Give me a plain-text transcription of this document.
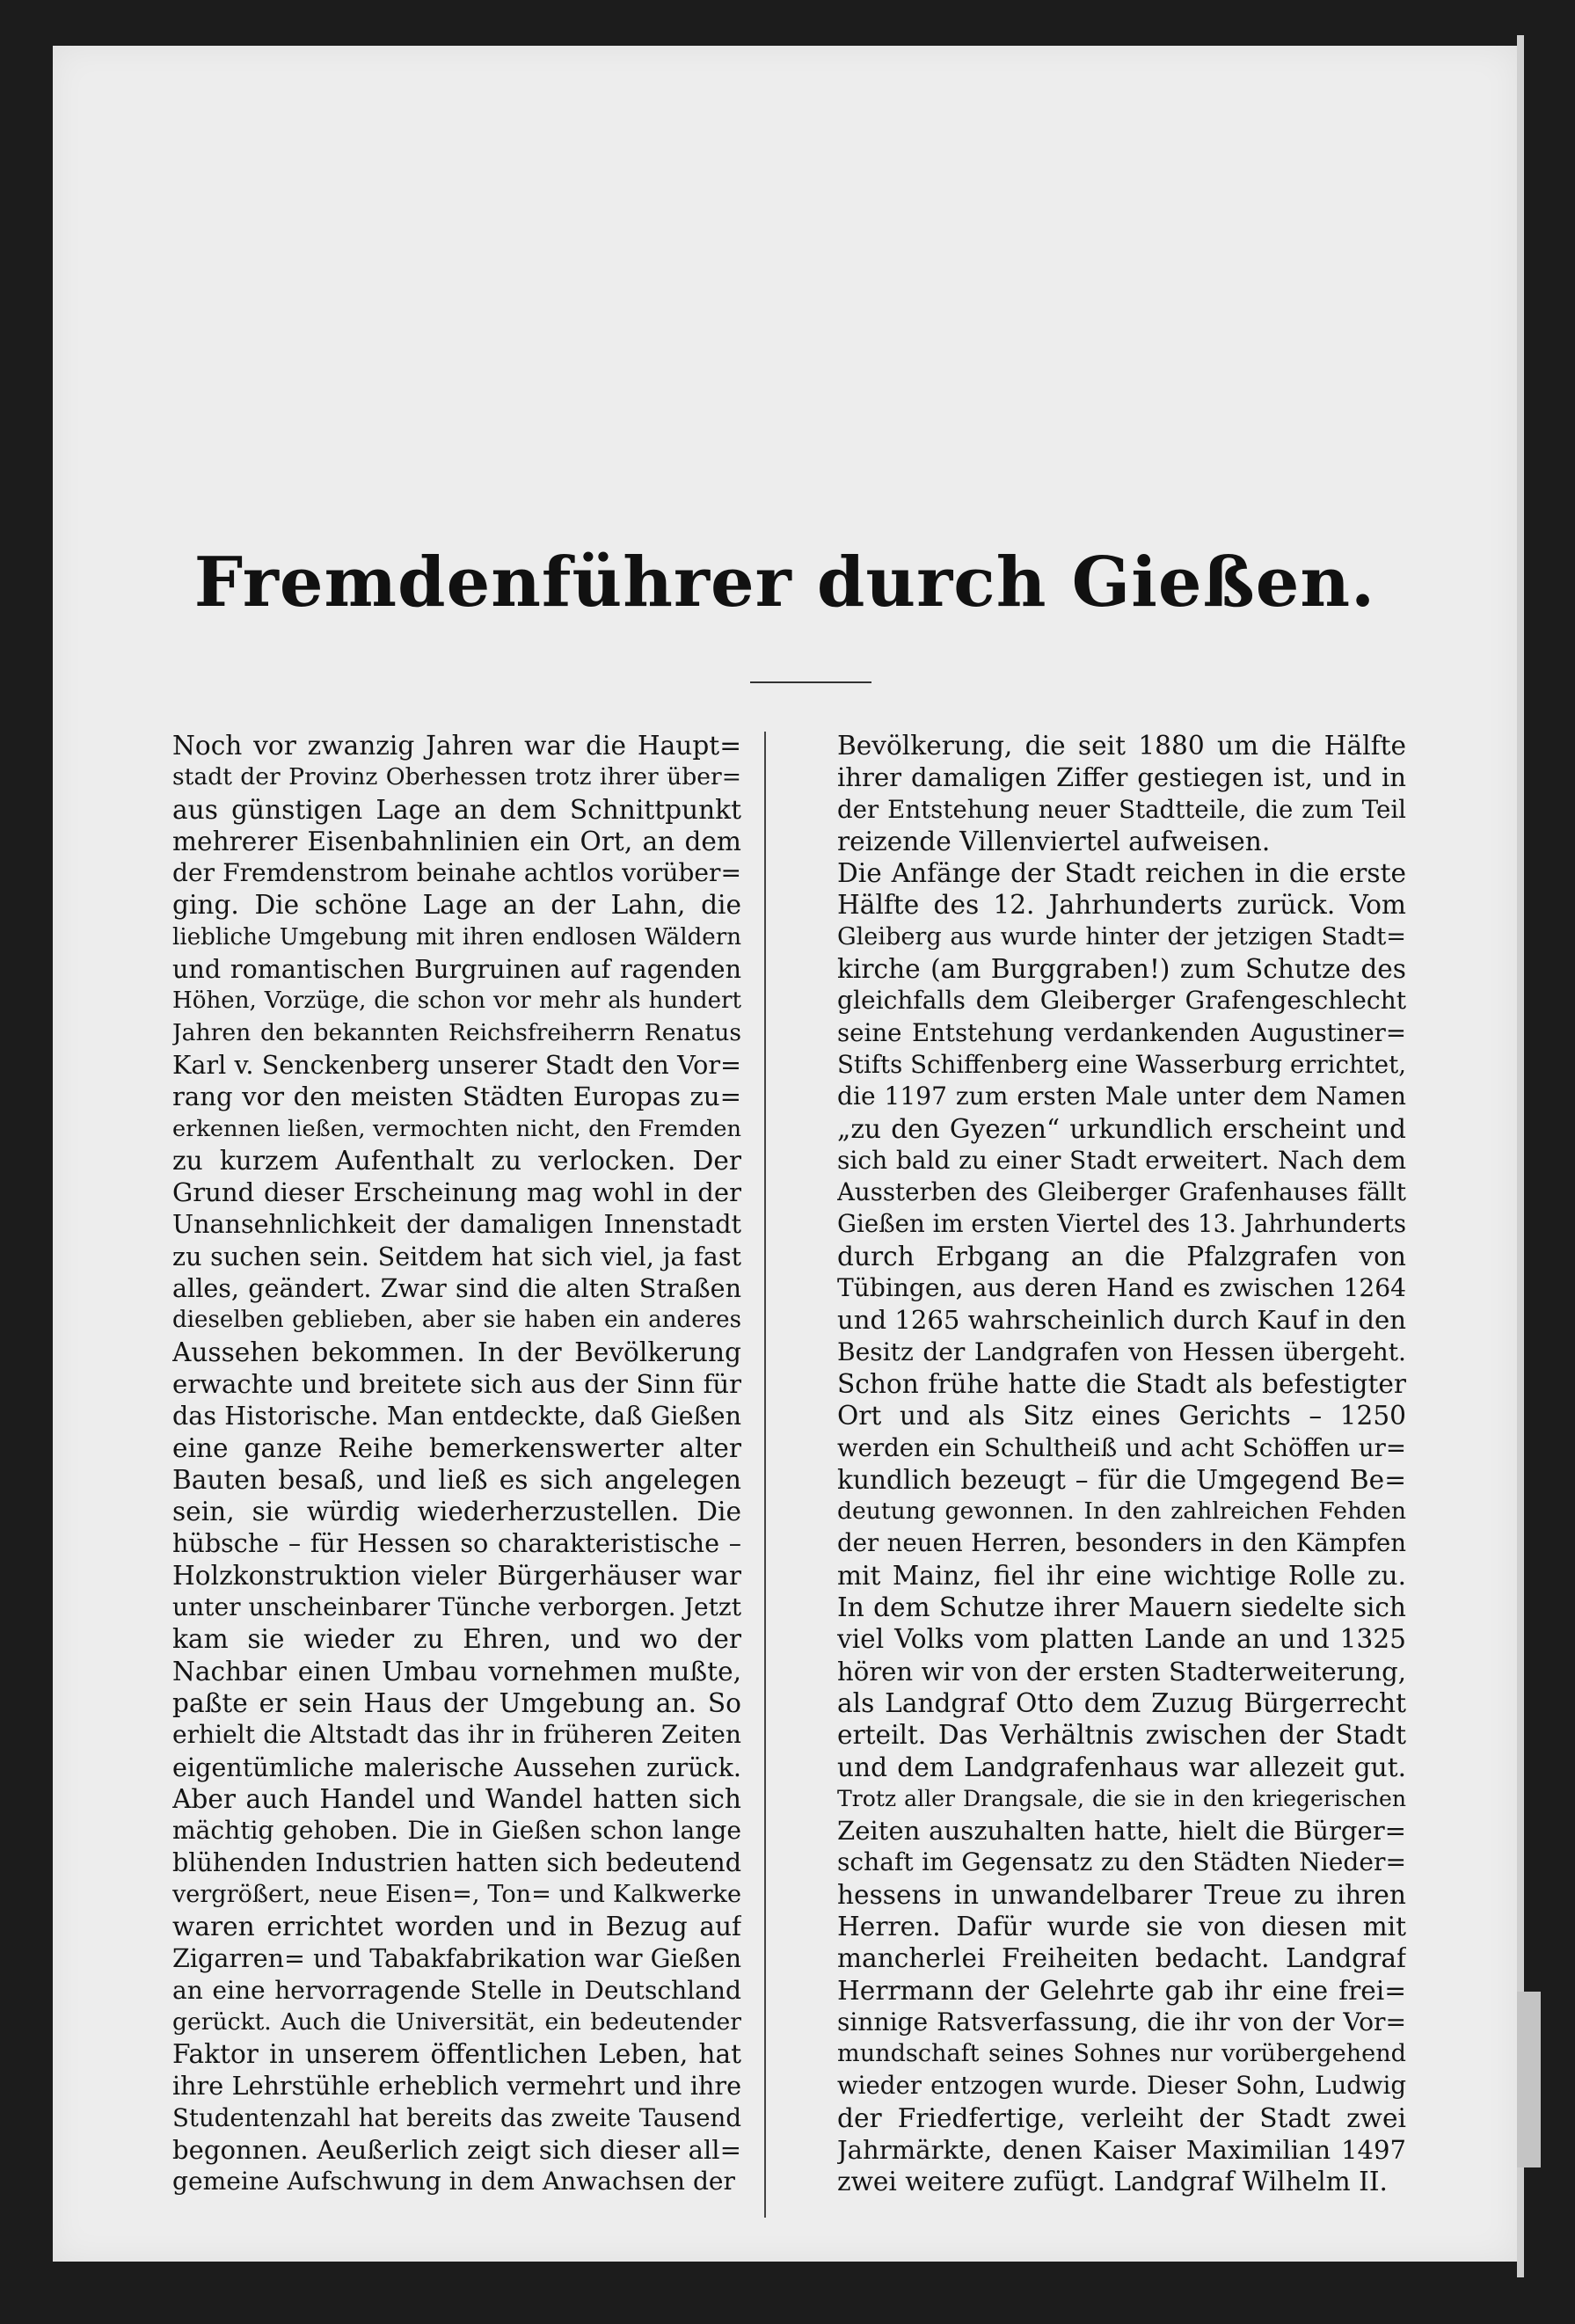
Fremdenführer durch Gießen.
Noch vor zwanzig Jahren war die Haupt=
stadt der Provinz Oberhessen trotz ihrer über=
aus günstigen Lage an dem Schnittpunkt
mehrerer Eisenbahnlinien ein Ort, an dem
der Fremdenstrom beinahe achtlos vorüber=
ging. Die schöne Lage an der Lahn, die
liebliche Umgebung mit ihren endlosen Wäldern
und romantischen Burgruinen auf ragenden
Höhen, Vorzüge, die schon vor mehr als hundert
Jahren den bekannten Reichsfreiherrn Renatus
Karl v. Senckenberg unserer Stadt den Vor=
rang vor den meisten Städten Europas zu=
erkennen ließen, vermochten nicht, den Fremden
zu kurzem Aufenthalt zu verlocken. Der
Grund dieser Erscheinung mag wohl in der
Unansehnlichkeit der damaligen Innenstadt
zu suchen sein. Seitdem hat sich viel, ja fast
alles, geändert. Zwar sind die alten Straßen
dieselben geblieben, aber sie haben ein anderes
Aussehen bekommen. In der Bevölkerung
erwachte und breitete sich aus der Sinn für
das Historische. Man entdeckte, daß Gießen
eine ganze Reihe bemerkenswerter alter
Bauten besaß, und ließ es sich angelegen
sein, sie würdig wiederherzustellen. Die
hübsche – für Hessen so charakteristische –
Holzkonstruktion vieler Bürgerhäuser war
unter unscheinbarer Tünche verborgen. Jetzt
kam sie wieder zu Ehren, und wo der
Nachbar einen Umbau vornehmen mußte,
paßte er sein Haus der Umgebung an. So
erhielt die Altstadt das ihr in früheren Zeiten
eigentümliche malerische Aussehen zurück.
Aber auch Handel und Wandel hatten sich
mächtig gehoben. Die in Gießen schon lange
blühenden Industrien hatten sich bedeutend
vergrößert, neue Eisen=, Ton= und Kalkwerke
waren errichtet worden und in Bezug auf
Zigarren= und Tabakfabrikation war Gießen
an eine hervorragende Stelle in Deutschland
gerückt. Auch die Universität, ein bedeutender
Faktor in unserem öffentlichen Leben, hat
ihre Lehrstühle erheblich vermehrt und ihre
Studentenzahl hat bereits das zweite Tausend
begonnen. Aeußerlich zeigt sich dieser all=
gemeine Aufschwung in dem Anwachsen der
Bevölkerung, die seit 1880 um die Hälfte
ihrer damaligen Ziffer gestiegen ist, und in
der Entstehung neuer Stadtteile, die zum Teil
reizende Villenviertel aufweisen.
Die Anfänge der Stadt reichen in die erste
Hälfte des 12. Jahrhunderts zurück. Vom
Gleiberg aus wurde hinter der jetzigen Stadt=
kirche (am Burggraben!) zum Schutze des
gleichfalls dem Gleiberger Grafengeschlecht
seine Entstehung verdankenden Augustiner=
Stifts Schiffenberg eine Wasserburg errichtet,
die 1197 zum ersten Male unter dem Namen
„zu den Gyezen“ urkundlich erscheint und
sich bald zu einer Stadt erweitert. Nach dem
Aussterben des Gleiberger Grafenhauses fällt
Gießen im ersten Viertel des 13. Jahrhunderts
durch Erbgang an die Pfalzgrafen von
Tübingen, aus deren Hand es zwischen 1264
und 1265 wahrscheinlich durch Kauf in den
Besitz der Landgrafen von Hessen übergeht.
Schon frühe hatte die Stadt als befestigter
Ort und als Sitz eines Gerichts – 1250
werden ein Schultheiß und acht Schöffen ur=
kundlich bezeugt – für die Umgegend Be=
deutung gewonnen. In den zahlreichen Fehden
der neuen Herren, besonders in den Kämpfen
mit Mainz, fiel ihr eine wichtige Rolle zu.
In dem Schutze ihrer Mauern siedelte sich
viel Volks vom platten Lande an und 1325
hören wir von der ersten Stadterweiterung,
als Landgraf Otto dem Zuzug Bürgerrecht
erteilt. Das Verhältnis zwischen der Stadt
und dem Landgrafenhaus war allezeit gut.
Trotz aller Drangsale, die sie in den kriegerischen
Zeiten auszuhalten hatte, hielt die Bürger=
schaft im Gegensatz zu den Städten Nieder=
hessens in unwandelbarer Treue zu ihren
Herren. Dafür wurde sie von diesen mit
mancherlei Freiheiten bedacht. Landgraf
Herrmann der Gelehrte gab ihr eine frei=
sinnige Ratsverfassung, die ihr von der Vor=
mundschaft seines Sohnes nur vorübergehend
wieder entzogen wurde. Dieser Sohn, Ludwig
der Friedfertige, verleiht der Stadt zwei
Jahrmärkte, denen Kaiser Maximilian 1497
zwei weitere zufügt. Landgraf Wilhelm II.
